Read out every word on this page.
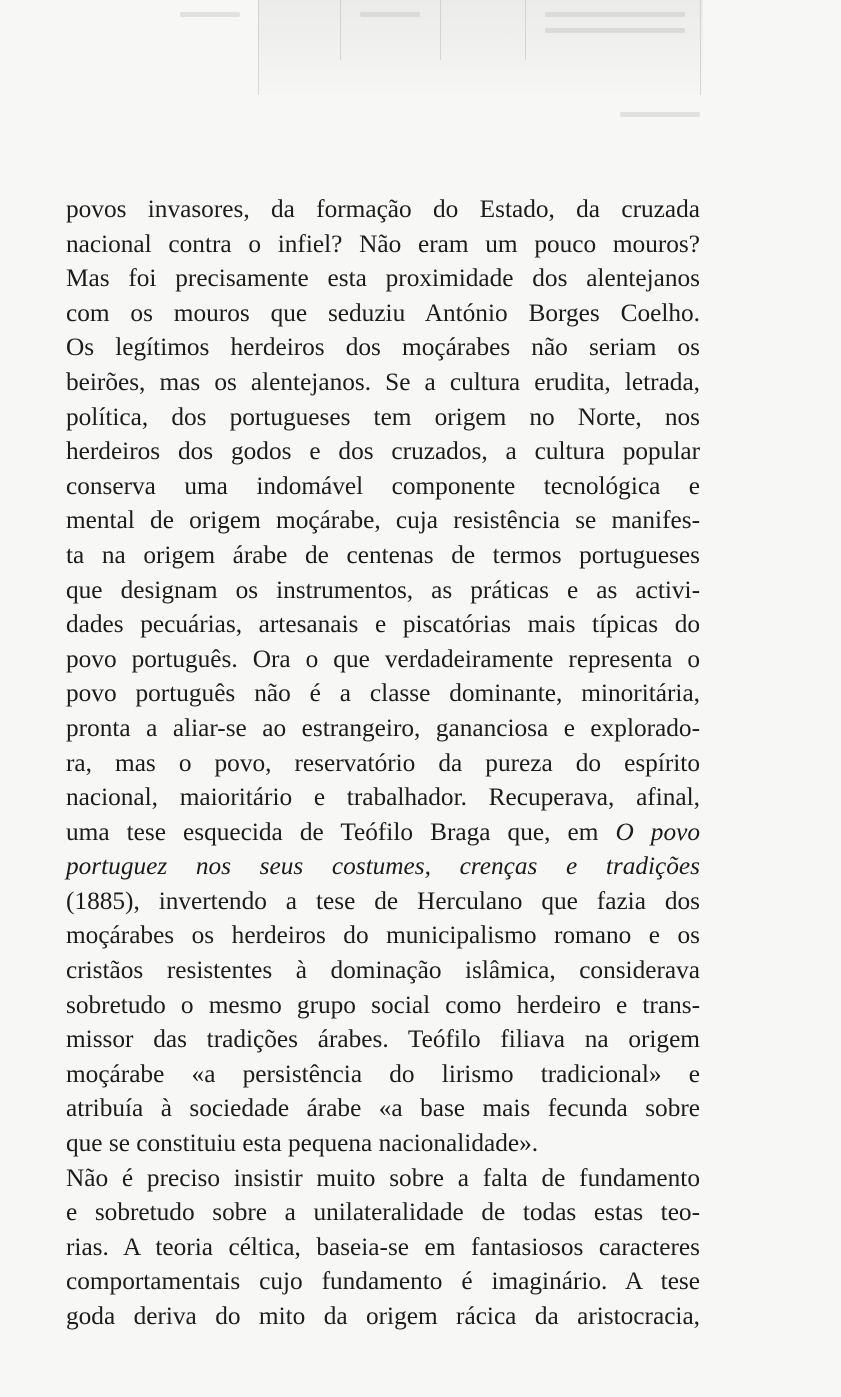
povos invasores, da formação do Estado, da cruzada
nacional contra o infiel? Não eram um pouco mouros?
Mas foi precisamente esta proximidade dos alentejanos
com os mouros que seduziu António Borges Coelho.
Os legítimos herdeiros dos moçárabes não seriam os
beirões, mas os alentejanos. Se a cultura erudita, letrada,
política, dos portugueses tem origem no Norte, nos
herdeiros dos godos e dos cruzados, a cultura popular
conserva uma indomável componente tecnológica e
mental de origem moçárabe, cuja resistência se manifes-
ta na origem árabe de centenas de termos portugueses
que designam os instrumentos, as práticas e as activi-
dades pecuárias, artesanais e piscatórias mais típicas do
povo português. Ora o que verdadeiramente representa o
povo português não é a classe dominante, minoritária,
pronta a aliar-se ao estrangeiro, gananciosa e explorado-
ra, mas o povo, reservatório da pureza do espírito
nacional, maioritário e trabalhador. Recuperava, afinal,
uma tese esquecida de Teófilo Braga que, em O povo
portuguez nos seus costumes, crenças e tradições
(1885), invertendo a tese de Herculano que fazia dos
moçárabes os herdeiros do municipalismo romano e os
cristãos resistentes à dominação islâmica, considerava
sobretudo o mesmo grupo social como herdeiro e trans-
missor das tradições árabes. Teófilo filiava na origem
moçárabe «a persistência do lirismo tradicional» e
atribuía à sociedade árabe «a base mais fecunda sobre
que se constituiu esta pequena nacionalidade».
Não é preciso insistir muito sobre a falta de fundamento
e sobretudo sobre a unilateralidade de todas estas teo-
rias. A teoria céltica, baseia-se em fantasiosos caracteres
comportamentais cujo fundamento é imaginário. A tese
goda deriva do mito da origem rácica da aristocracia,
